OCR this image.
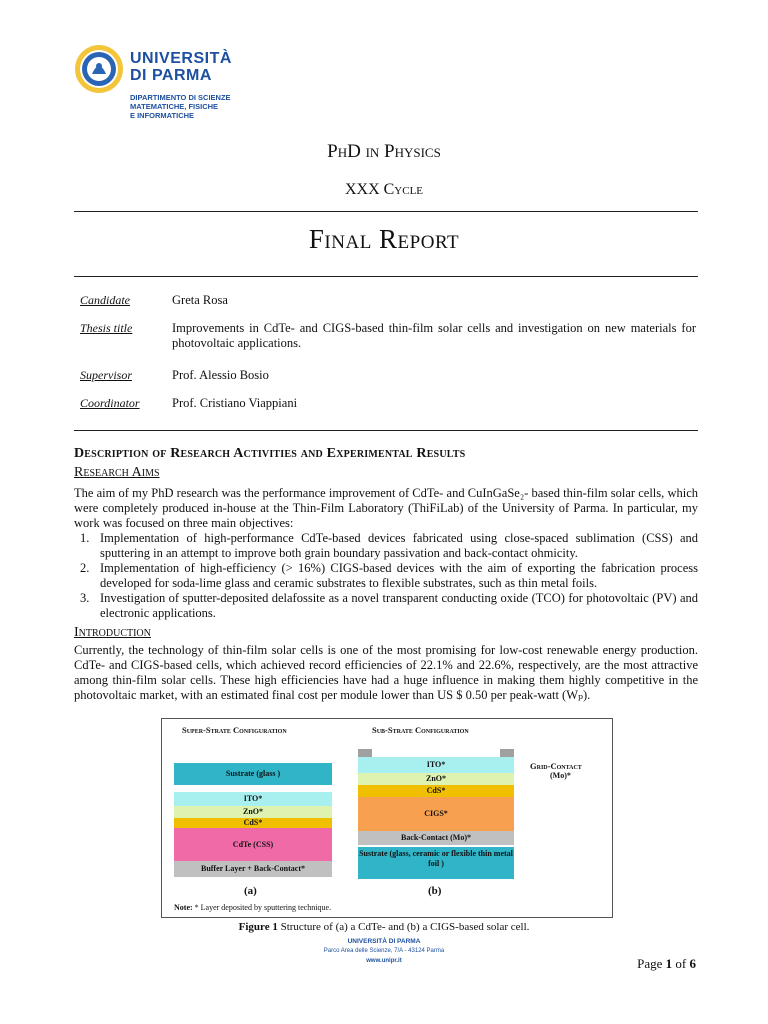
UNIVERSITÀ
DI PARMA
DIPARTIMENTO DI SCIENZE
MATEMATICHE, FISICHE
E INFORMATICHE
PhD in Physics
XXX Cycle
Final Report
Candidate	Greta Rosa
Thesis title	Improvements in CdTe- and CIGS-based thin-film solar cells and investigation on new materials for photovoltaic applications.
Supervisor	Prof. Alessio Bosio
Coordinator	Prof. Cristiano Viappiani
Description of Research Activities and Experimental Results
Research Aims
The aim of my PhD research was the performance improvement of CdTe- and CuInGaSe₂- based thin-film solar cells, which were completely produced in-house at the Thin-Film Laboratory (ThiFiLab) of the University of Parma. In particular, my work was focused on three main objectives:
1. Implementation of high-performance CdTe-based devices fabricated using close-spaced sublimation (CSS) and sputtering in an attempt to improve both grain boundary passivation and back-contact ohmicity.
2. Implementation of high-efficiency (> 16%) CIGS-based devices with the aim of exporting the fabrication process developed for soda-lime glass and ceramic substrates to flexible substrates, such as thin metal foils.
3. Investigation of sputter-deposited delafossite as a novel transparent conducting oxide (TCO) for photovoltaic (PV) and electronic applications.
Introduction
Currently, the technology of thin-film solar cells is one of the most promising for low-cost renewable energy production. CdTe- and CIGS-based cells, which achieved record efficiencies of 22.1% and 22.6%, respectively, are the most attractive among thin-film solar cells. These high efficiencies have had a huge influence in making them highly competitive in the photovoltaic market, with an estimated final cost per module lower than US $ 0.50 per peak-watt (Wₚ).
Super-Strate Configuration	Sub-Strate Configuration
Sustrate (glass )
ITO*
ZnO*
CdS*
CdTe (CSS)
Buffer Layer + Back-Contact*
(a)
ITO*
ZnO*
CdS*
CIGS*
Back-Contact (Mo)*
Sustrate (glass, ceramic or flexible thin metal foil )
(b)
Grid-Contact
(Mo)*
Note: * Layer deposited by sputtering technique.
Figure 1 Structure of (a) a CdTe- and (b) a CIGS-based solar cell.
UNIVERSITÀ DI PARMA
Parco Area delle Scienze, 7/A - 43124 Parma
www.unipr.it	Page 1 of 6
